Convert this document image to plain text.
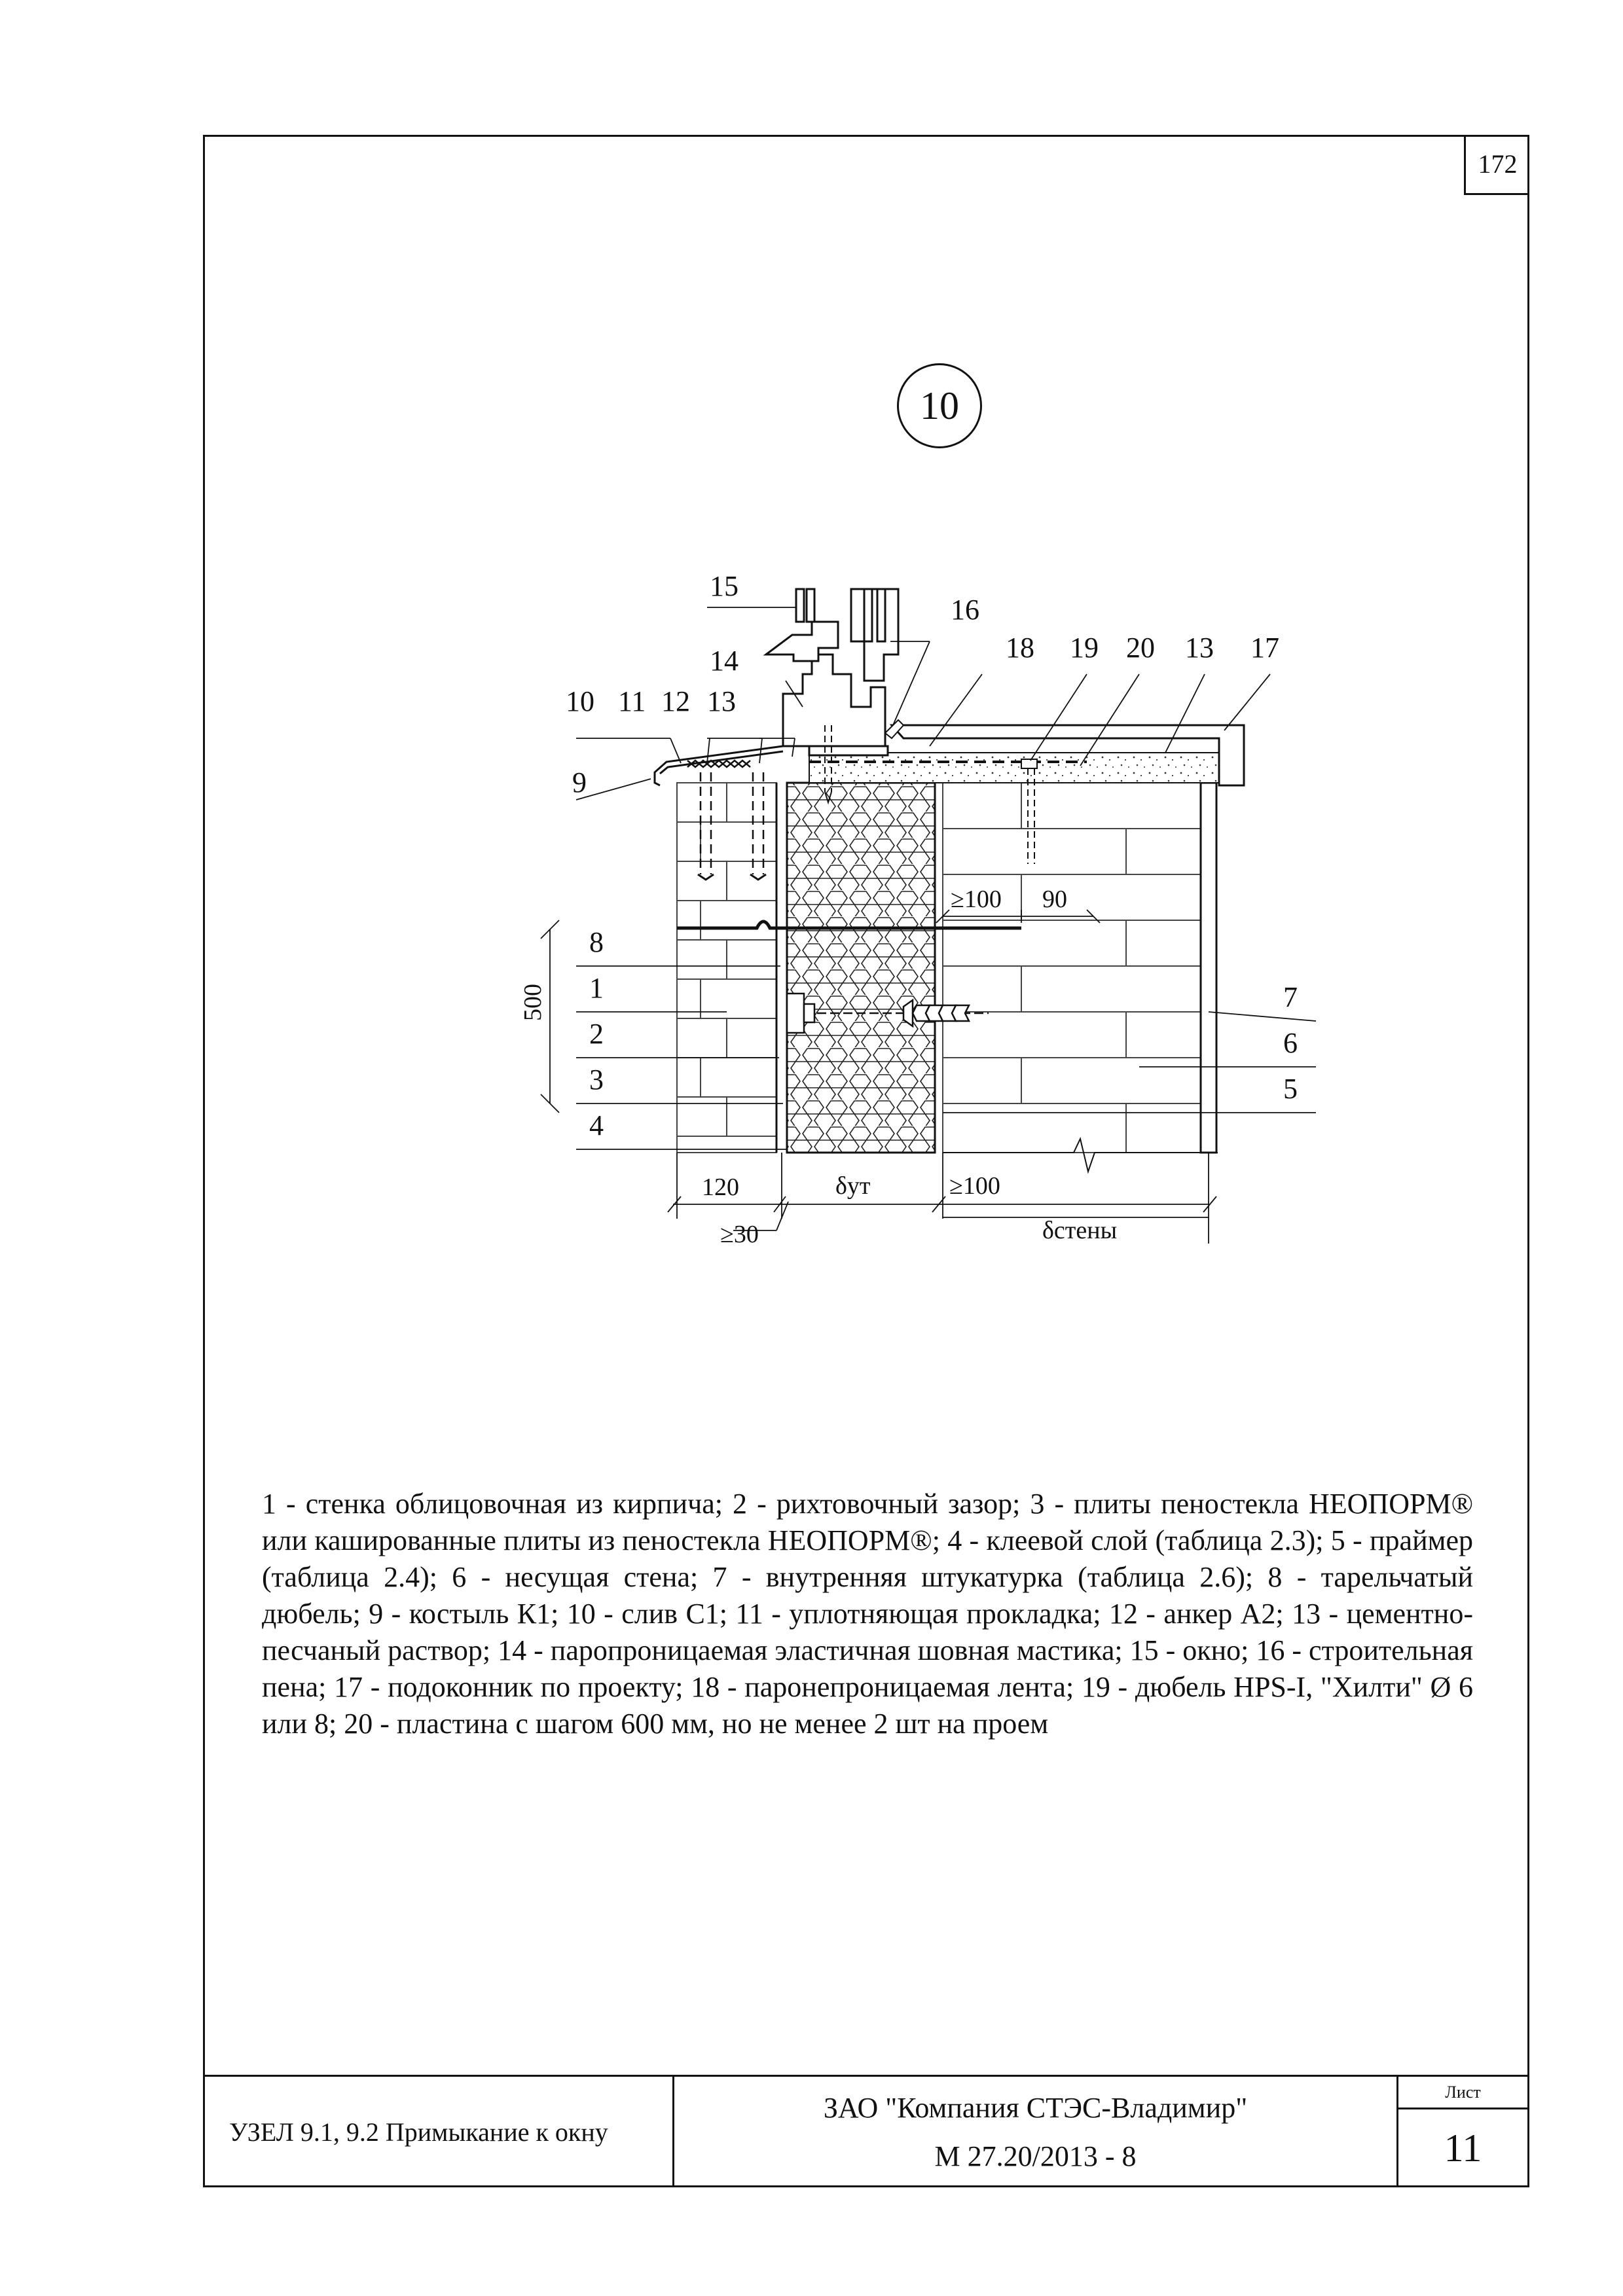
172
10
15
16
14	18 19 20 13 17
10 11 12 13
9
8
1
2
3
4
7
6
5
500
120
≥30
δут	≥100
δстены
≥100 90
1 - стенка облицовочная из кирпича; 2 - рихтовочный зазор; 3 - плиты пеностекла НЕОПОРМ® или кашированные плиты из пеностекла НЕОПОРМ®; 4 - клеевой слой (таблица 2.3); 5 - праймер (таблица 2.4); 6 - несущая стена; 7 - внутренняя штукатурка (таблица 2.6); 8 - тарельчатый дюбель; 9 - костыль К1; 10 - слив С1; 11 - уплотняющая прокладка; 12 - анкер А2; 13 - цементно-песчаный раствор; 14 - паропроницаемая эластичная шовная мастика; 15 - окно; 16 - строительная пена; 17 - подоконник по проекту; 18 - паронепроницаемая лента; 19 - дюбель HPS-I, "Хилти" Ø 6 или 8; 20 - пластина с шагом 600 мм, но не менее 2 шт на проем
УЗЕЛ 9.1, 9.2 Примыкание к окну
ЗАО "Компания СТЭС-Владимир"
М 27.20/2013 - 8
Лист
11
